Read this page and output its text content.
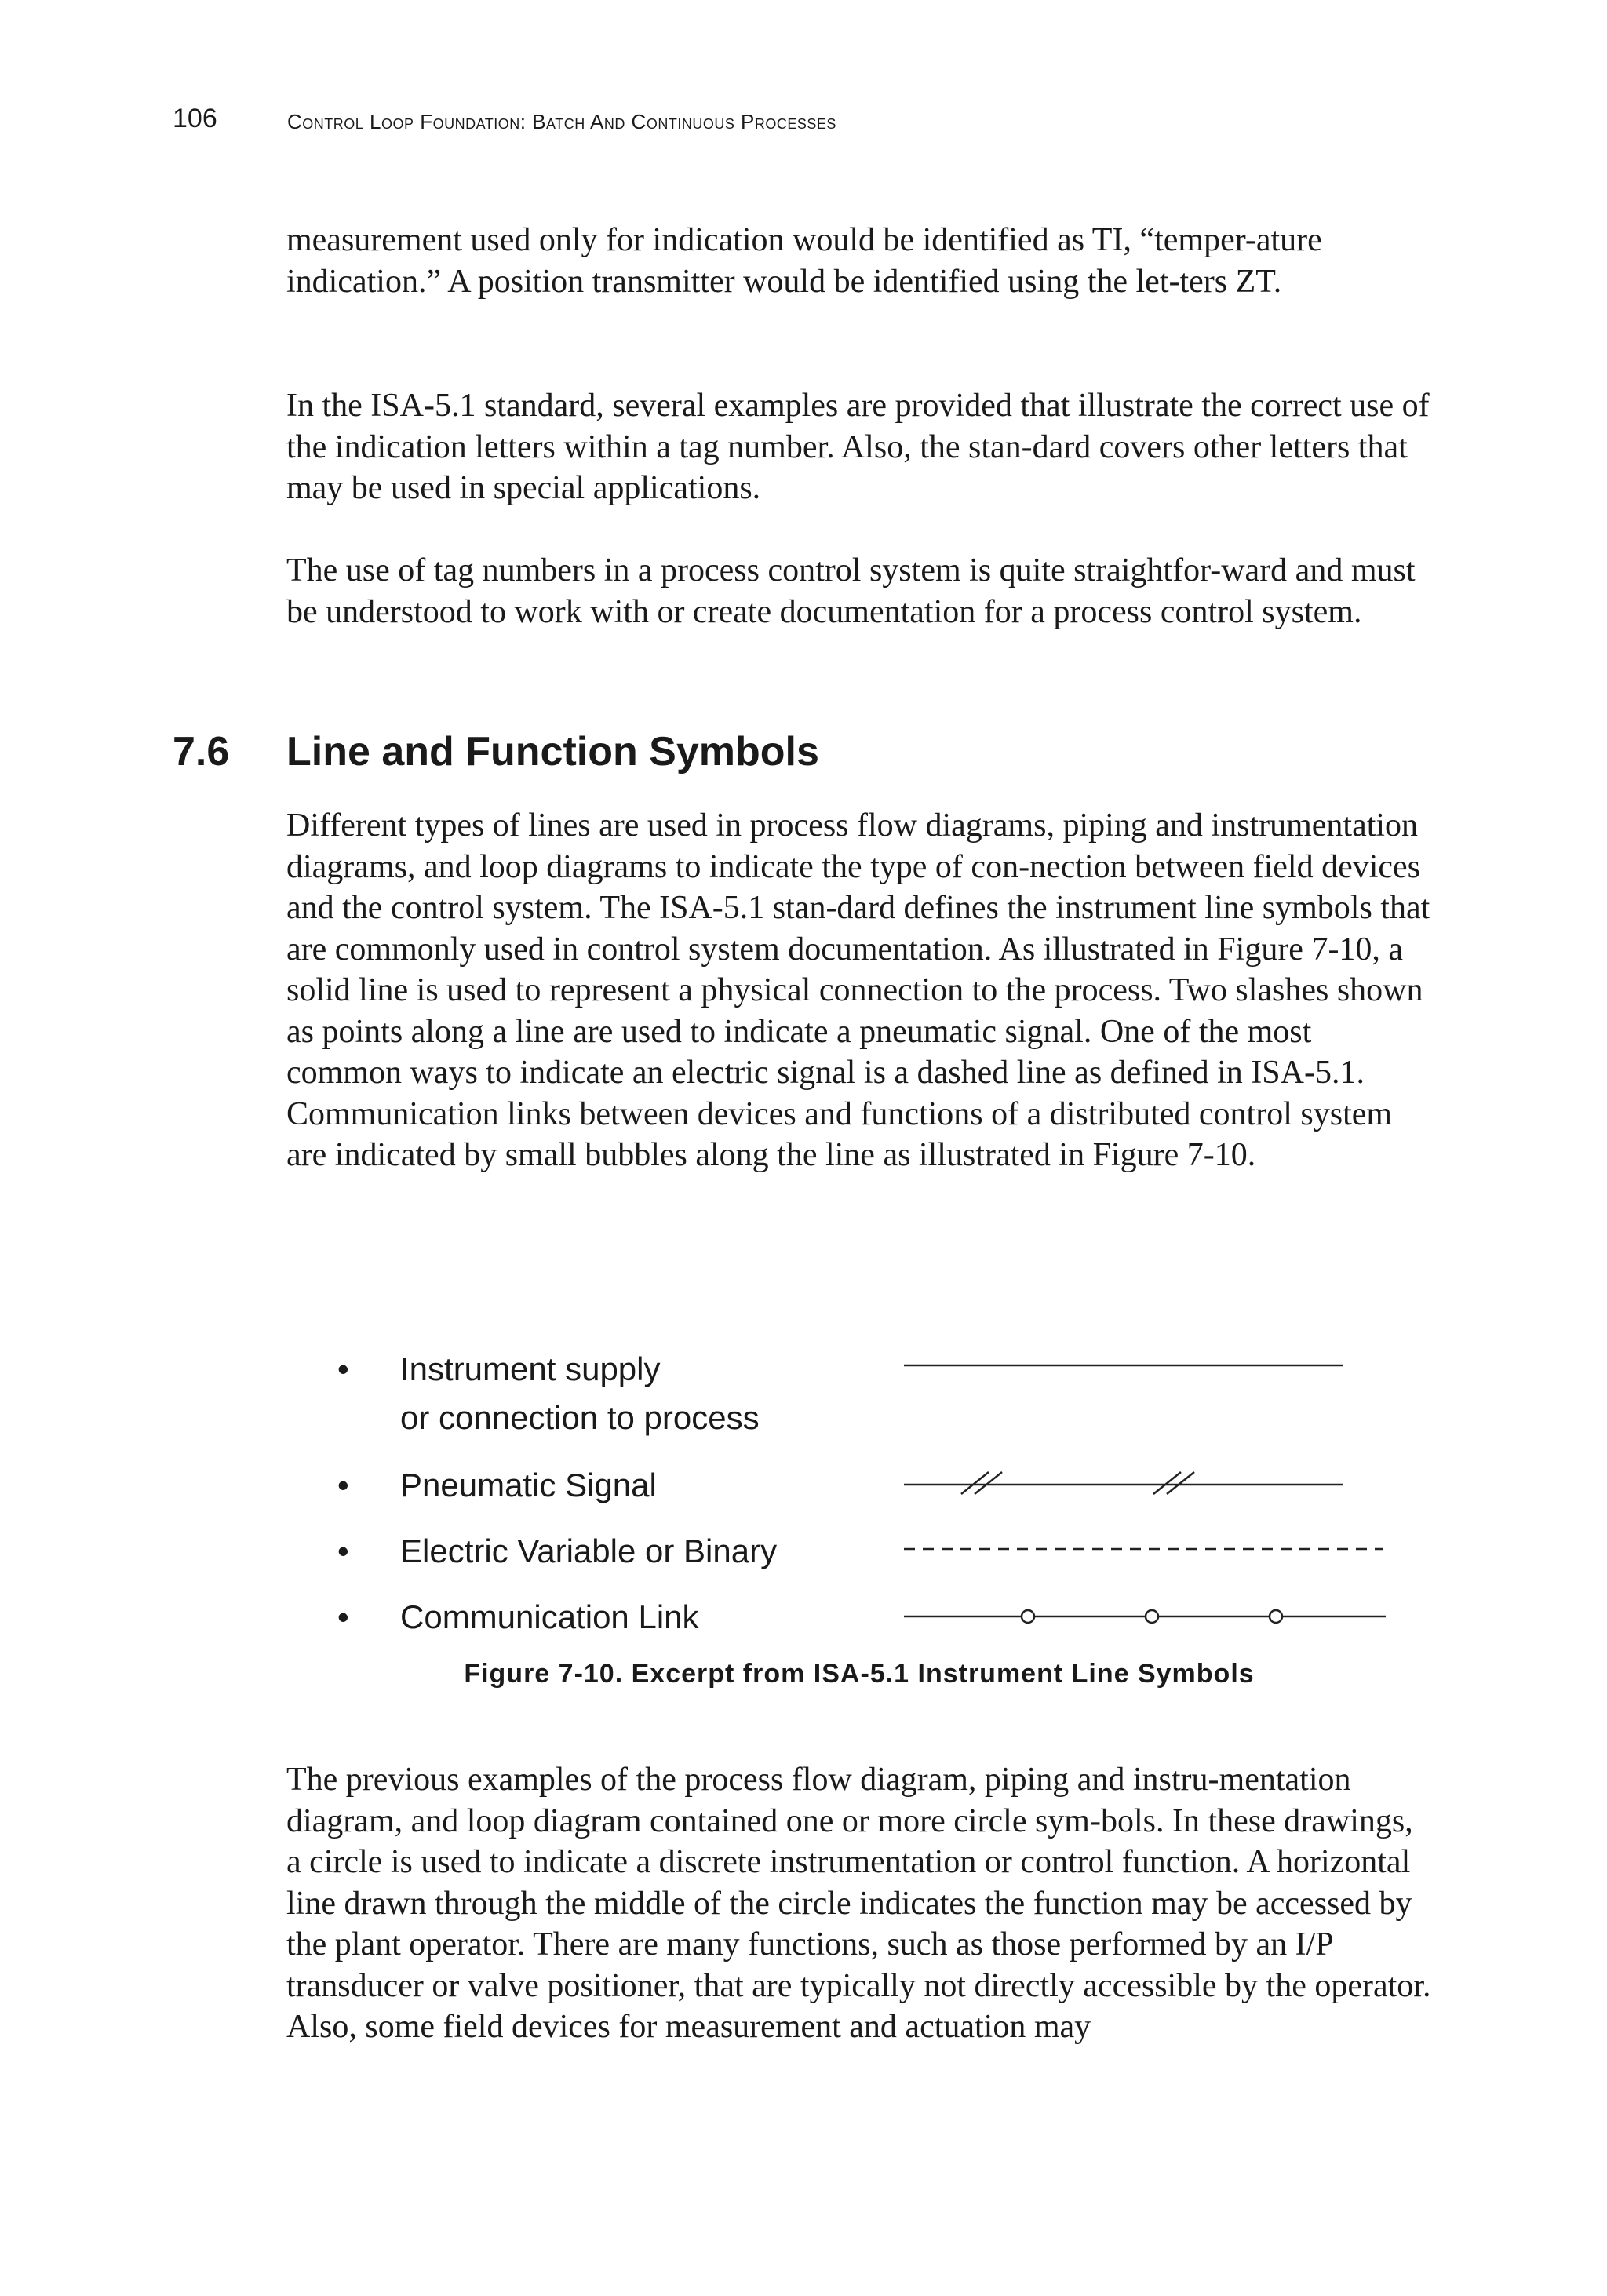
106	Control Loop Foundation: Batch And Continuous Processes

measurement used only for indication would be identified as TI, “temper-ature indication.” A position transmitter would be identified using the let-ters ZT.

In the ISA-5.1 standard, several examples are provided that illustrate the correct use of the indication letters within a tag number. Also, the stan-dard covers other letters that may be used in special applications.

The use of tag numbers in a process control system is quite straightfor-ward and must be understood to work with or create documentation for a process control system.

7.6 Line and Function Symbols

Different types of lines are used in process flow diagrams, piping and instrumentation diagrams, and loop diagrams to indicate the type of con-nection between field devices and the control system. The ISA-5.1 stan-dard defines the instrument line symbols that are commonly used in control system documentation. As illustrated in Figure 7-10, a solid line is used to represent a physical connection to the process. Two slashes shown as points along a line are used to indicate a pneumatic signal. One of the most common ways to indicate an electric signal is a dashed line as defined in ISA-5.1. Communication links between devices and functions of a distributed control system are indicated by small bubbles along the line as illustrated in Figure 7-10.

• Instrument supply
or connection to process
• Pneumatic Signal
• Electric Variable or Binary
• Communication Link
Figure 7-10. Excerpt from ISA-5.1 Instrument Line Symbols

The previous examples of the process flow diagram, piping and instru-mentation diagram, and loop diagram contained one or more circle sym-bols. In these drawings, a circle is used to indicate a discrete instrumentation or control function. A horizontal line drawn through the middle of the circle indicates the function may be accessed by the plant operator. There are many functions, such as those performed by an I/P transducer or valve positioner, that are typically not directly accessible by the operator. Also, some field devices for measurement and actuation may
